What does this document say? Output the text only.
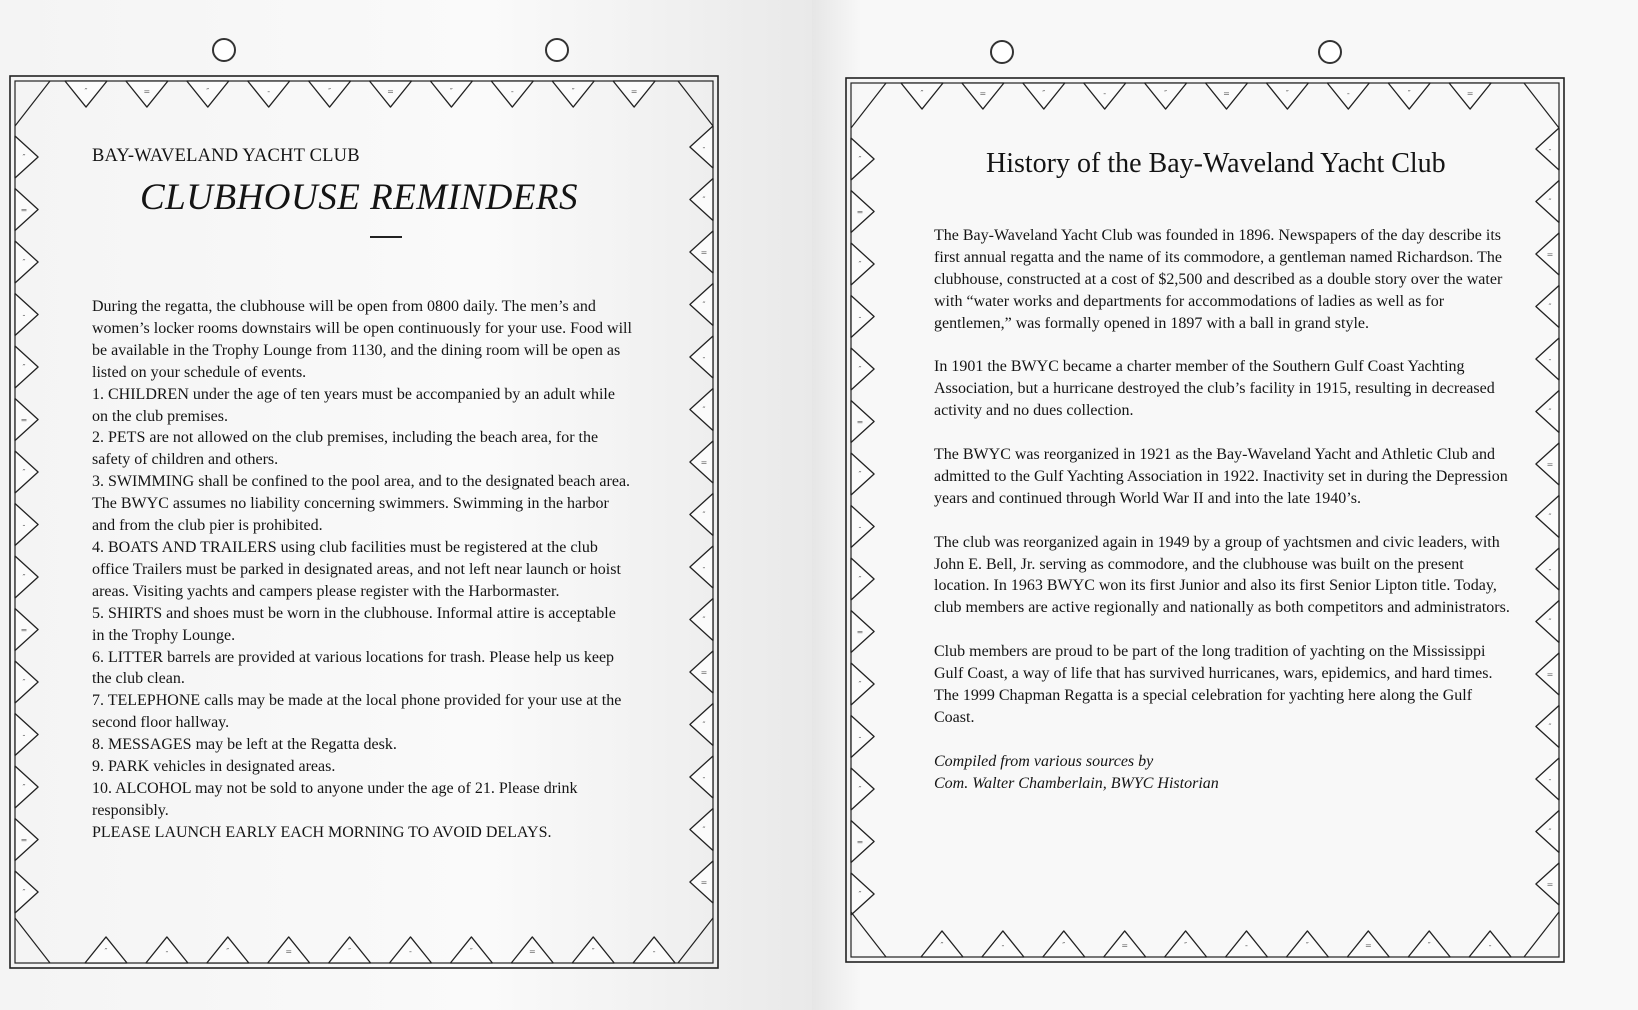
″	=	″	-	″	=	″	-	″	=
″	-	″	=	″	-	″	=	″	-
″
=
″
-
″
=
″
-
″
=
″
-
″
=
″
-
″
=
″
-
″
=
″
-
″
=
″
-
″
=
BAY-WAVELAND YACHT CLUB
CLUBHOUSE REMINDERS

During the regatta, the clubhouse will be open from 0800 daily. The men’s and

women’s locker rooms downstairs will be open continuously for your use. Food will

be available in the Trophy Lounge from 1130, and the dining room will be open as

listed on your schedule of events.

1. CHILDREN under the age of ten years must be accompanied by an adult while

on the club premises.

2. PETS are not allowed on the club premises, including the beach area, for the

safety of children and others.

3. SWIMMING shall be confined to the pool area, and to the designated beach area.

The BWYC assumes no liability concerning swimmers. Swimming in the harbor

and from the club pier is prohibited.

4. BOATS AND TRAILERS using club facilities must be registered at the club

office Trailers must be parked in designated areas, and not left near launch or hoist

areas. Visiting yachts and campers please register with the Harbormaster.

5. SHIRTS and shoes must be worn in the clubhouse. Informal attire is acceptable

in the Trophy Lounge.

6. LITTER barrels are provided at various locations for trash. Please help us keep

the club clean.

7. TELEPHONE calls may be made at the local phone provided for your use at the

second floor hallway.

8. MESSAGES may be left at the Regatta desk.

9. PARK vehicles in designated areas.

10. ALCOHOL may not be sold to anyone under the age of 21. Please drink

responsibly.

PLEASE LAUNCH EARLY EACH MORNING TO AVOID DELAYS.

″	=	″	-	″	=	″	-	″	=
″	-	″	=	″	-	″	=	″	-
″
=
″
-
″
=
″
-
″
=
″
-
″
=
″
-
″
=
″
-
″
=
″
-
″
=
″
-
″
=
History of the Bay-Waveland Yacht Club

The Bay-Waveland Yacht Club was founded in 1896. Newspapers of the day describe its first annual regatta and the name of its commodore, a gentleman named Richardson. The clubhouse, constructed at a cost of $2,500 and described as a double story over the water with “water works and departments for accommodations of ladies as well as for gentlemen,” was formally opened in 1897 with a ball in grand style.

In 1901 the BWYC became a charter member of the Southern Gulf Coast Yachting Association, but a hurricane destroyed the club’s facility in 1915, resulting in decreased activity and no dues collection.

The BWYC was reorganized in 1921 as the Bay-Waveland Yacht and Athletic Club and admitted to the Gulf Yachting Association in 1922. Inactivity set in during the Depression years and continued through World War II and into the late 1940’s.

The club was reorganized again in 1949 by a group of yachtsmen and civic leaders, with John E. Bell, Jr. serving as commodore, and the clubhouse was built on the present location. In 1963 BWYC won its first Junior and also its first Senior Lipton title. Today, club members are active regionally and nationally as both competitors and administrators.

Club members are proud to be part of the long tradition of yachting on the Mississippi Gulf Coast, a way of life that has survived hurricanes, wars, epidemics, and hard times. The 1999 Chapman Regatta is a special celebration for yachting here along the Gulf Coast.

Compiled from various sources by

Com. Walter Chamberlain, BWYC Historian
